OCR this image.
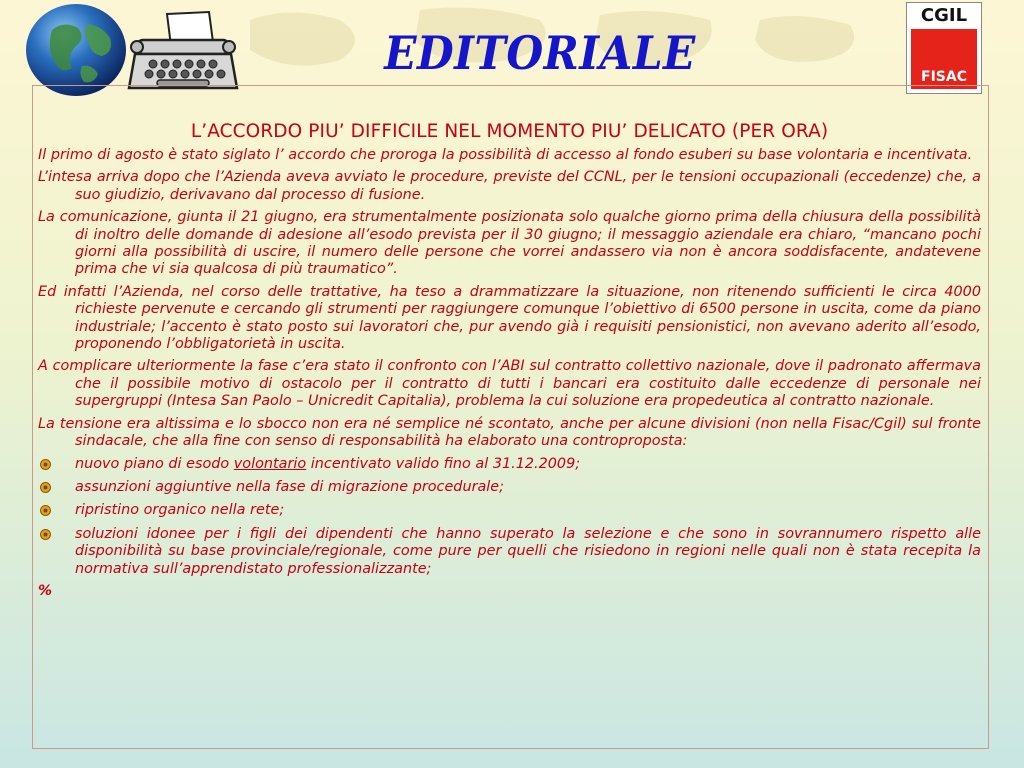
EDITORIALE
CGIL
FISAC
L’ACCORDO PIU’ DIFFICILE NEL MOMENTO PIU’ DELICATO (PER ORA)

Il primo di agosto è stato siglato l’ accordo che proroga la possibilità di accesso al fondo esuberi su base volontaria e incentivata.

L’intesa arriva dopo che l’Azienda aveva avviato le procedure, previste del CCNL, per le tensioni occupazionali (eccedenze) che, a suo giudizio, derivavano dal processo di fusione.

La comunicazione, giunta il 21 giugno, era strumentalmente posizionata solo qualche giorno prima della chiusura della possibilità di inoltro delle domande di adesione all’esodo prevista per il 30 giugno; il messaggio aziendale era chiaro, “mancano pochi giorni alla possibilità di uscire, il numero delle persone che vorrei andassero via non è ancora soddisfacente, andatevene prima che vi sia qualcosa di più traumatico”.

Ed infatti l’Azienda, nel corso delle trattative, ha teso a drammatizzare la situazione, non ritenendo sufficienti le circa 4000 richieste pervenute e cercando gli strumenti per raggiungere comunque l’obiettivo di 6500 persone in uscita, come da piano industriale; l’accento è stato posto sui lavoratori che, pur avendo già i requisiti pensionistici, non avevano aderito all’esodo, proponendo l’obbligatorietà in uscita.

A complicare ulteriormente la fase c’era stato il confronto con l’ABI sul contratto collettivo nazionale, dove il padronato affermava che il possibile motivo di ostacolo per il contratto di tutti i bancari era costituito dalle eccedenze di personale nei supergruppi (Intesa San Paolo – Unicredit Capitalia), problema la cui soluzione era propedeutica al contratto nazionale.

La tensione era altissima e lo sbocco non era né semplice né scontato, anche per alcune divisioni (non nella Fisac/Cgil) sul fronte sindacale, che alla fine con senso di responsabilità ha elaborato una controproposta:

nuovo piano di esodo volontario incentivato valido fino al 31.12.2009;
assunzioni aggiuntive nella fase di migrazione procedurale;
ripristino organico nella rete;
soluzioni idonee per i figli dei dipendenti che hanno superato la selezione e che sono in sovrannumero rispetto alle disponibilità su base provinciale/regionale, come pure per quelli che risiedono in regioni nelle quali non è stata recepita la normativa sull’apprendistato professionalizzante;
%
